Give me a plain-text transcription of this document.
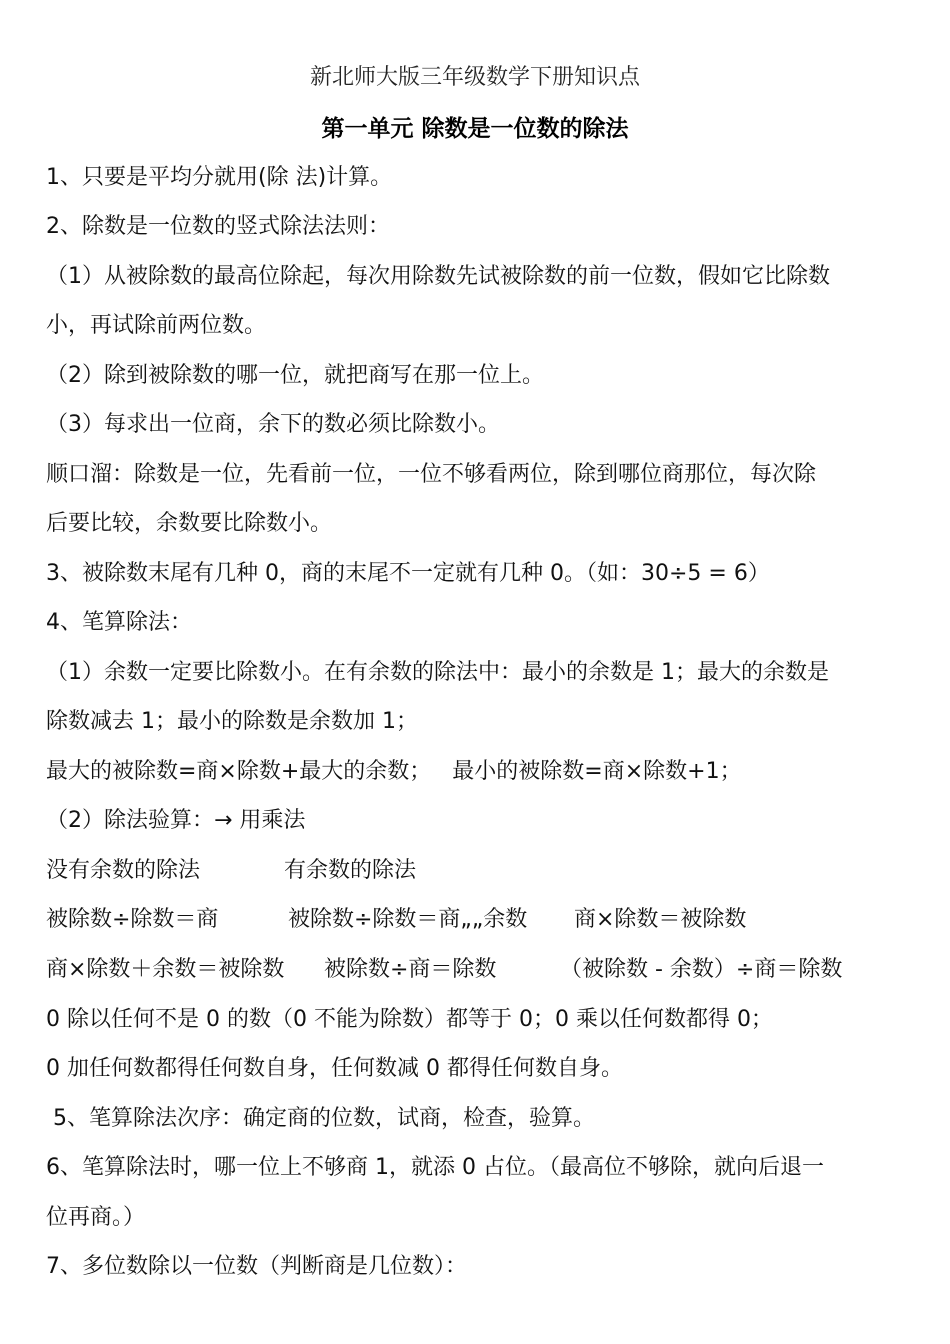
新北师大版三年级数学下册知识点
第一单元 除数是一位数的除法
1、只要是平均分就用(除 法)计算。
2、除数是一位数的竖式除法法则：
（1）从被除数的最高位除起，每次用除数先试被除数的前一位数，假如它比除数
小，再试除前两位数。
（2）除到被除数的哪一位，就把商写在那一位上。
（3）每求出一位商，余下的数必须比除数小。
顺口溜：除数是一位，先看前一位，一位不够看两位，除到哪位商那位，每次除
后要比较，余数要比除数小。
3、被除数末尾有几种 0，商的末尾不一定就有几种 0。（如：30÷5 = 6）
4、笔算除法：
（1）余数一定要比除数小。在有余数的除法中：最小的余数是 1；最大的余数是
除数减去 1；最小的除数是余数加 1；
最大的被除数=商×除数+最大的余数；   最小的被除数=商×除数+1；
（2）除法验算：→ 用乘法
没有余数的除法	有余数的除法
被除数÷除数＝商	被除数÷除数＝商„„余数 商×除数＝被除数
商×除数＋余数＝被除数 被除数÷商＝除数	（被除数 - 余数）÷商＝除数
0 除以任何不是 0 的数（0 不能为除数）都等于 0；0 乘以任何数都得 0；
0 加任何数都得任何数自身，任何数减 0 都得任何数自身。
5、笔算除法次序：确定商的位数，试商，检查，验算。
6、笔算除法时，哪一位上不够商 1，就添 0 占位。（最高位不够除，就向后退一
位再商。）
7、多位数除以一位数（判断商是几位数）：
